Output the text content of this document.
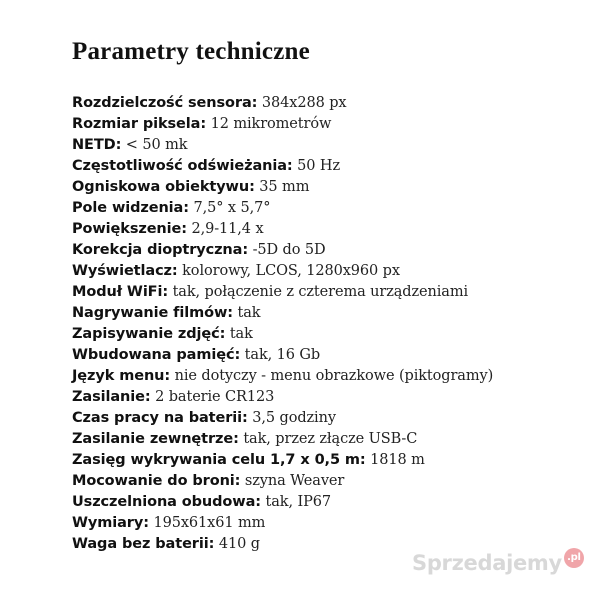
Parametry techniczne
Rozdzielczość sensora: 384x288 px
Rozmiar piksela: 12 mikrometrów
NETD: < 50 mk
Częstotliwość odświeżania: 50 Hz
Ogniskowa obiektywu: 35 mm
Pole widzenia: 7,5° x 5,7°
Powiększenie: 2,9-11,4 x
Korekcja dioptryczna: -5D do 5D
Wyświetlacz: kolorowy, LCOS, 1280x960 px
Moduł WiFi: tak, połączenie z czterema urządzeniami
Nagrywanie filmów: tak
Zapisywanie zdjęć: tak
Wbudowana pamięć: tak, 16 Gb
Język menu: nie dotyczy - menu obrazkowe (piktogramy)
Zasilanie: 2 baterie CR123
Czas pracy na baterii: 3,5 godziny
Zasilanie zewnętrze: tak, przez złącze USB-C
Zasięg wykrywania celu 1,7 x 0,5 m: 1818 m
Mocowanie do broni: szyna Weaver
Uszczelniona obudowa: tak, IP67
Wymiary: 195x61x61 mm
Waga bez baterii: 410 g
Sprzedajemy .pl
